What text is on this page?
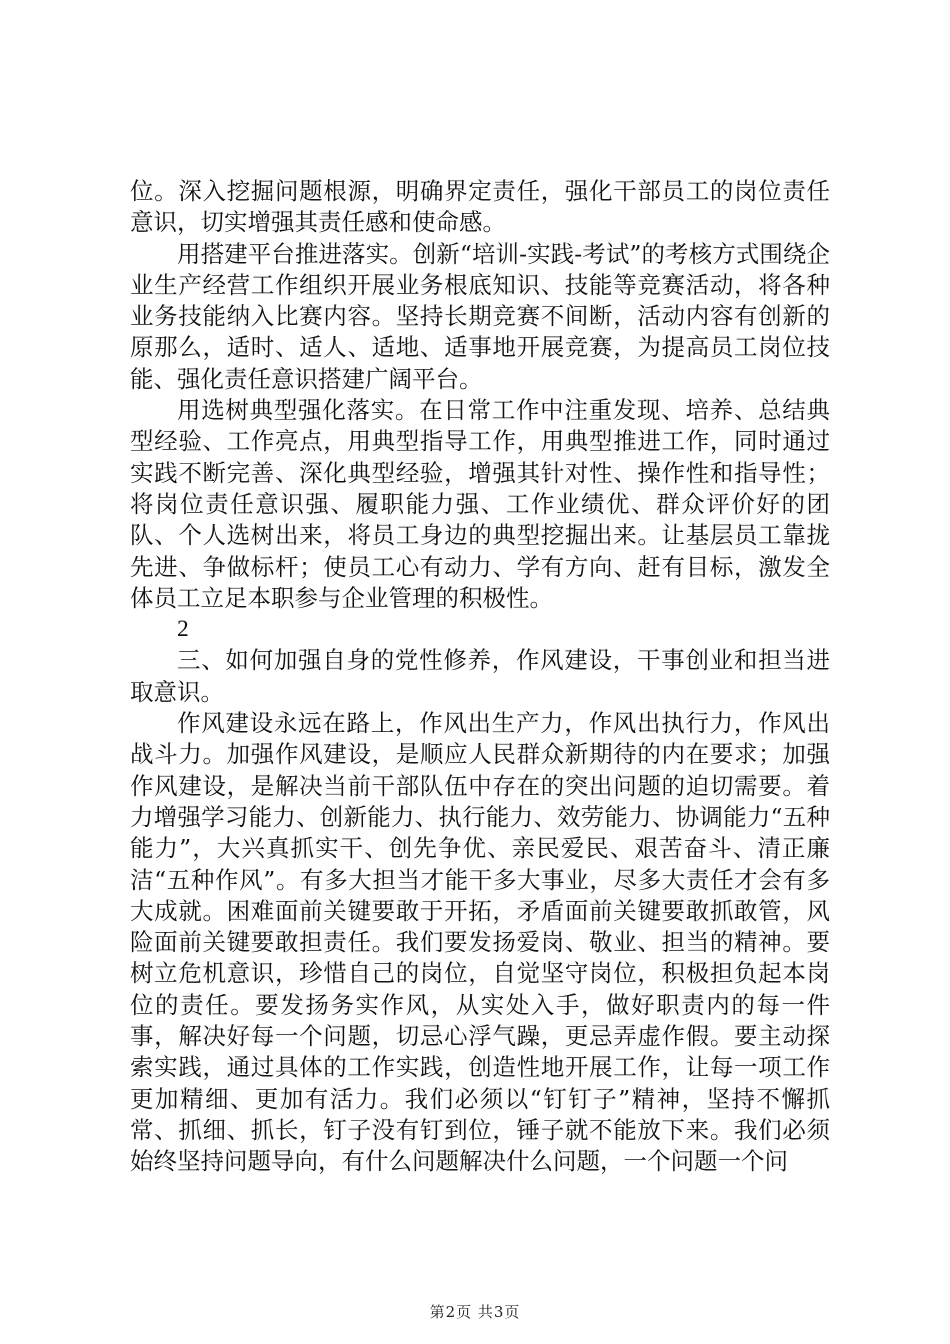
位。深入挖掘问题根源，明确界定责任，强化干部员工的岗位责任意识，切实增强其责任感和使命感。

用搭建平台推进落实。创新“培训-实践-考试”的考核方式围绕企业生产经营工作组织开展业务根底知识、技能等竞赛活动，将各种业务技能纳入比赛内容。坚持长期竞赛不间断，活动内容有创新的原那么，适时、适人、适地、适事地开展竞赛，为提高员工岗位技能、强化责任意识搭建广阔平台。

用选树典型强化落实。在日常工作中注重发现、培养、总结典型经验、工作亮点，用典型指导工作，用典型推进工作，同时通过实践不断完善、深化典型经验，增强其针对性、操作性和指导性；将岗位责任意识强、履职能力强、工作业绩优、群众评价好的团队、个人选树出来，将员工身边的典型挖掘出来。让基层员工靠拢先进、争做标杆；使员工心有动力、学有方向、赶有目标，激发全体员工立足本职参与企业管理的积极性。

2

三、如何加强自身的党性修养，作风建设，干事创业和担当进取意识。

作风建设永远在路上，作风出生产力，作风出执行力，作风出战斗力。加强作风建设，是顺应人民群众新期待的内在要求；加强作风建设，是解决当前干部队伍中存在的突出问题的迫切需要。着力增强学习能力、创新能力、执行能力、效劳能力、协调能力“五种能力”，大兴真抓实干、创先争优、亲民爱民、艰苦奋斗、清正廉洁“五种作风”。有多大担当才能干多大事业，尽多大责任才会有多大成就。困难面前关键要敢于开拓，矛盾面前关键要敢抓敢管，风险面前关键要敢担责任。我们要发扬爱岗、敬业、担当的精神。要树立危机意识，珍惜自己的岗位，自觉坚守岗位，积极担负起本岗位的责任。要发扬务实作风，从实处入手，做好职责内的每一件事，解决好每一个问题，切忌心浮气躁，更忌弄虚作假。要主动探索实践，通过具体的工作实践，创造性地开展工作，让每一项工作更加精细、更加有活力。我们必须以“钉钉子”精神，坚持不懈抓常、抓细、抓长，钉子没有钉到位，锤子就不能放下来。我们必须始终坚持问题导向，有什么问题解决什么问题，一个问题一个问

第2页 共3页
